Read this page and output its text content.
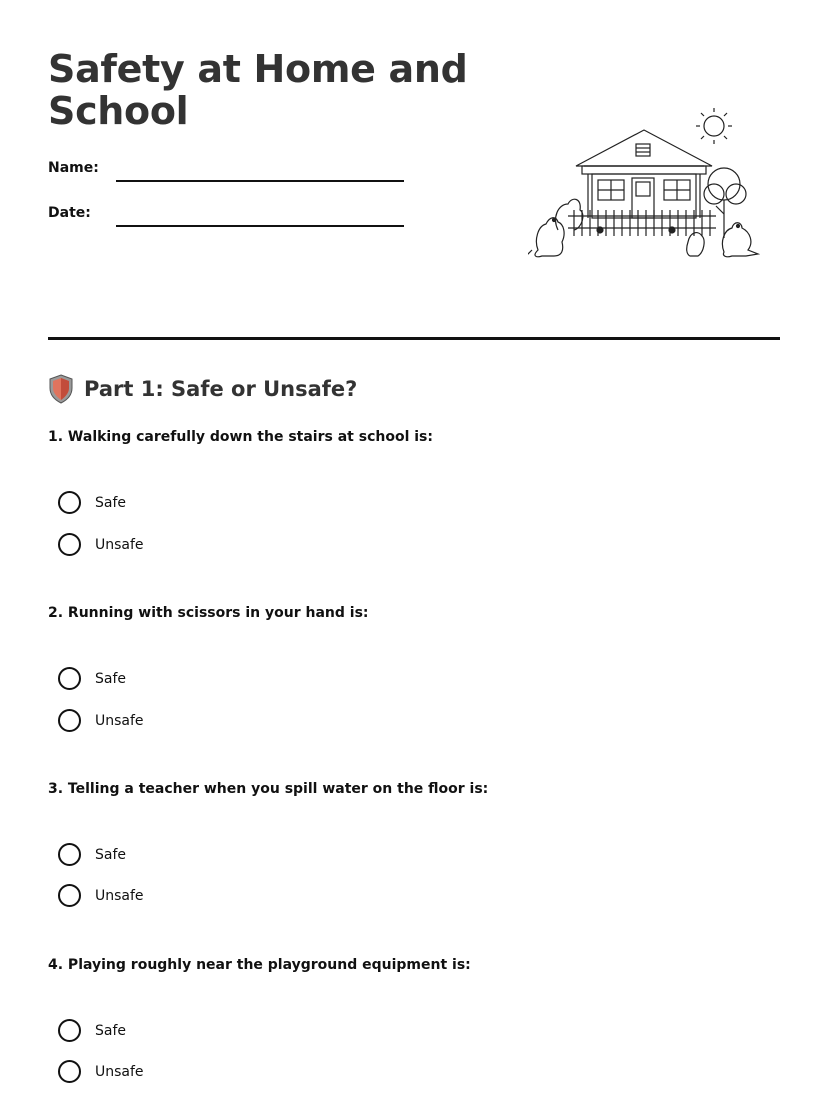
Safety at Home and School
Name:
Date:
Part 1: Safe or Unsafe?
1. Walking carefully down the stairs at school is:
Safe
Unsafe
2. Running with scissors in your hand is:
Safe
Unsafe
3. Telling a teacher when you spill water on the floor is:
Safe
Unsafe
4. Playing roughly near the playground equipment is:
Safe
Unsafe
